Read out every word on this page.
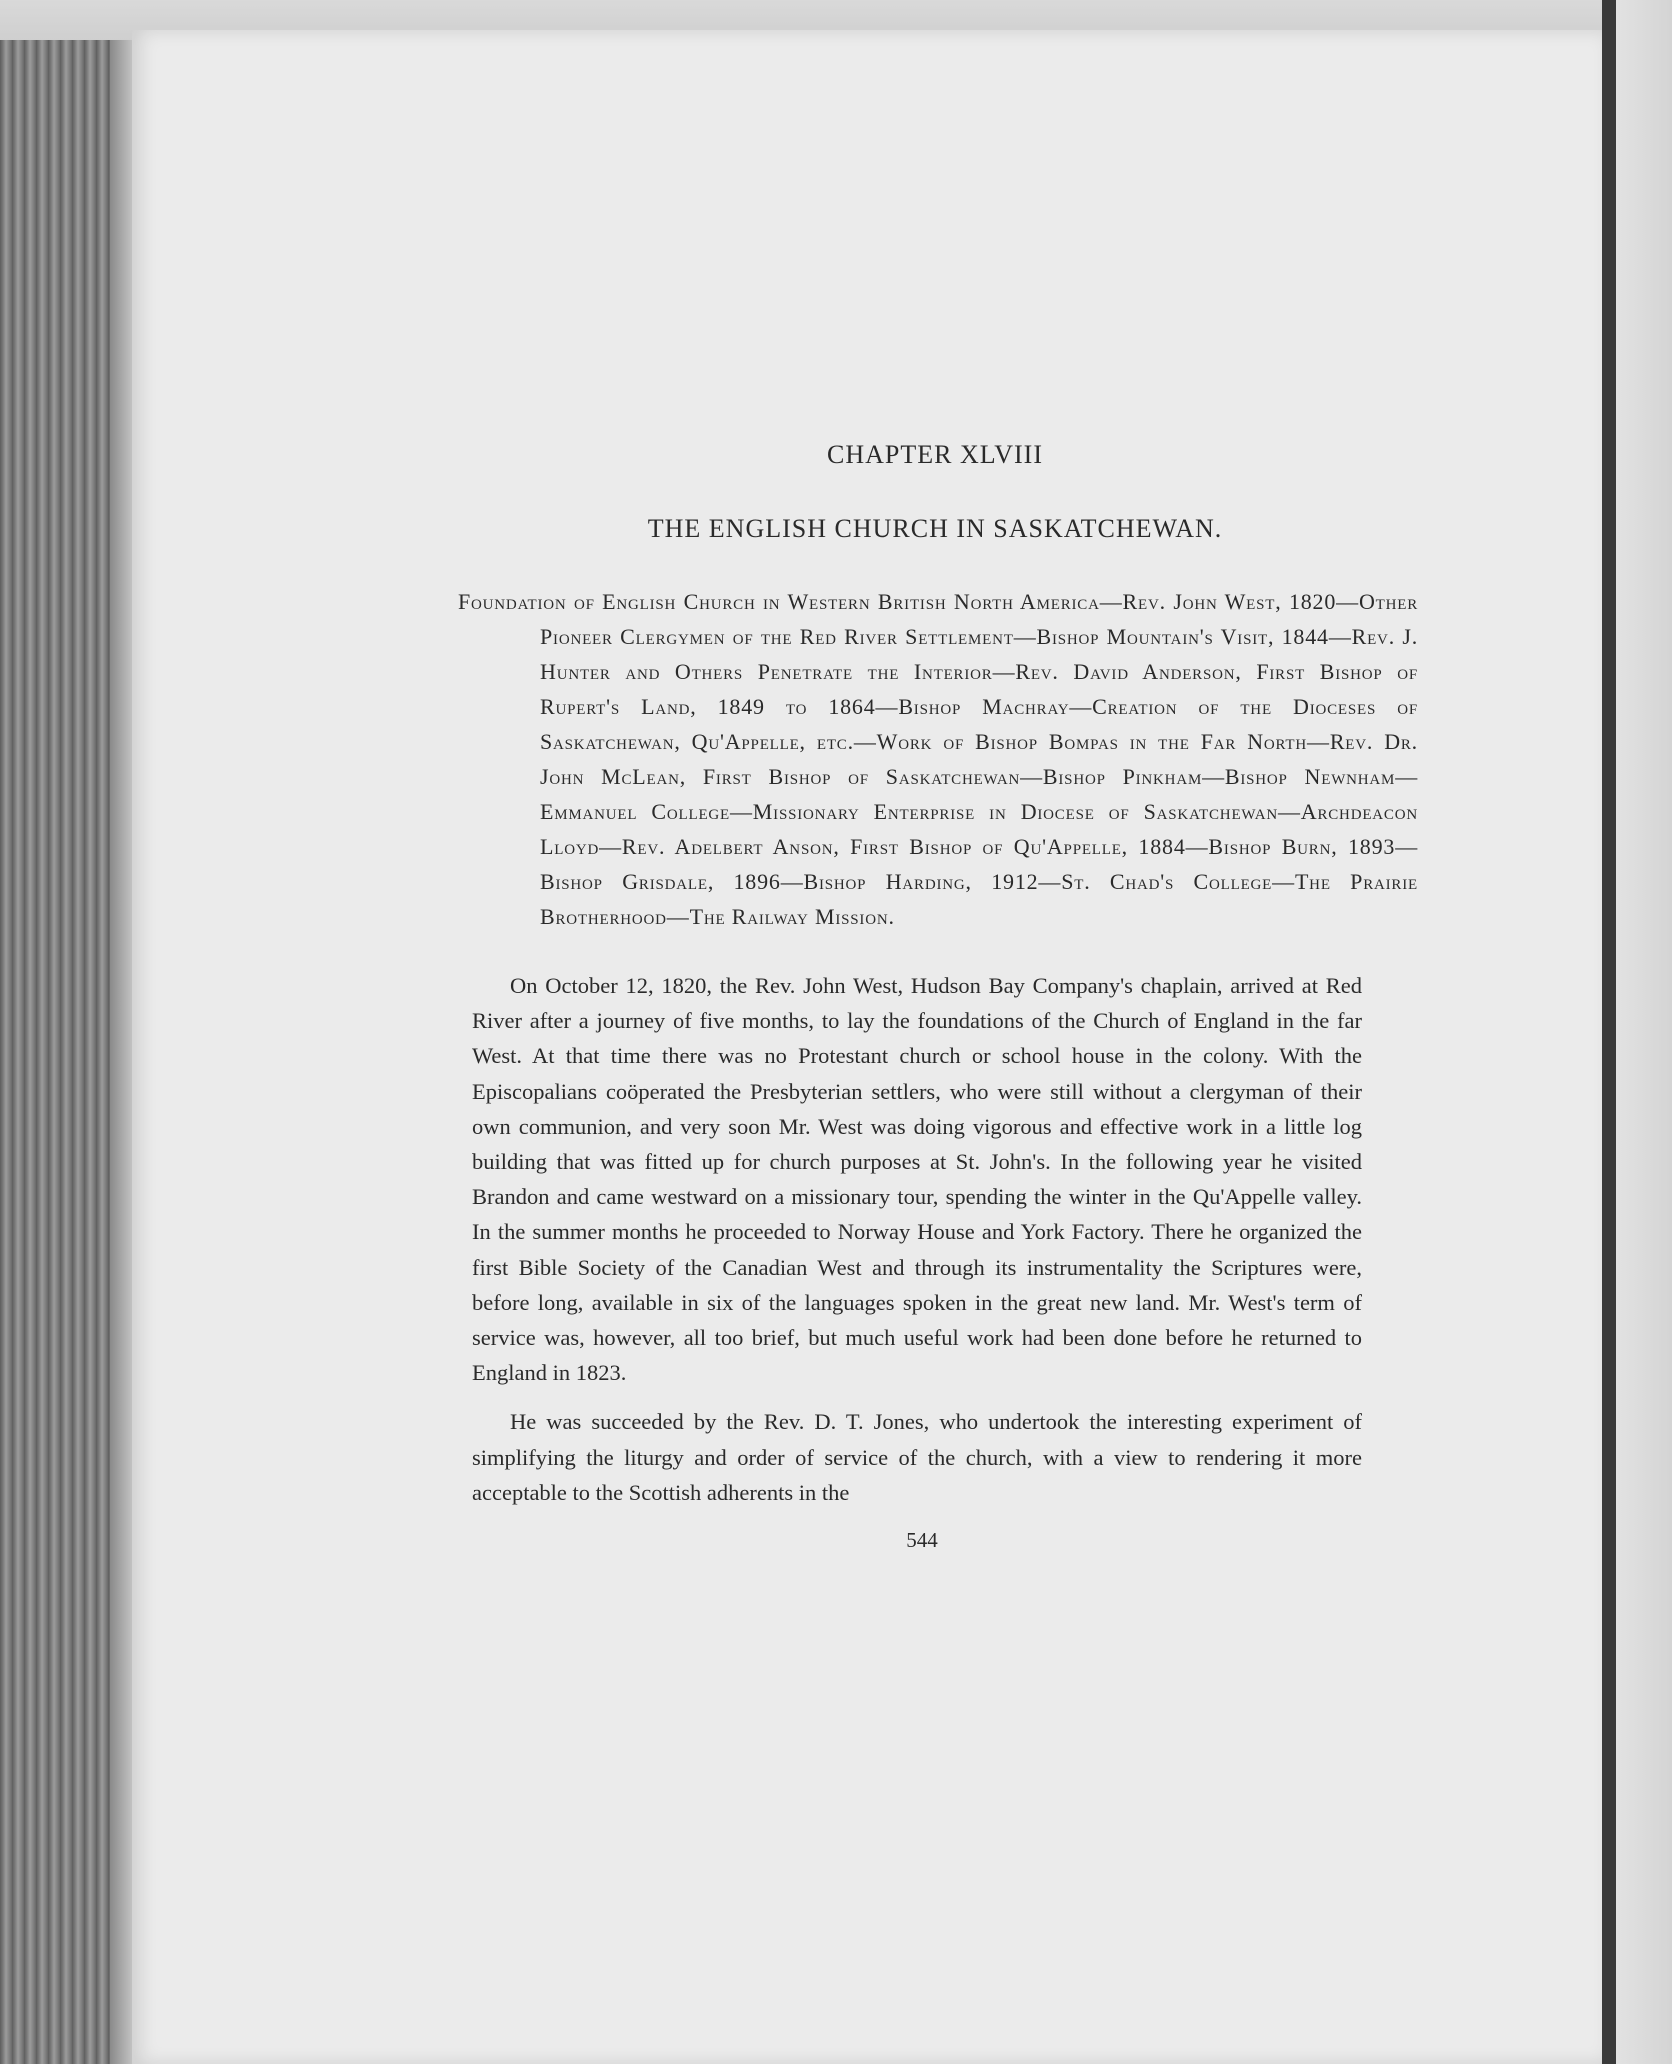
CHAPTER XLVIII
THE ENGLISH CHURCH IN SASKATCHEWAN.
Foundation of English Church in Western British North America—Rev. John West, 1820—Other Pioneer Clergymen of the Red River Settlement—Bishop Mountain's Visit, 1844—Rev. J. Hunter and Others Penetrate the Interior—Rev. David Anderson, First Bishop of Rupert's Land, 1849 to 1864—Bishop Machray—Creation of the Dioceses of Saskatchewan, Qu'Appelle, etc.—Work of Bishop Bompas in the Far North—Rev. Dr. John McLean, First Bishop of Saskatchewan—Bishop Pinkham—Bishop Newnham—Emmanuel College—Missionary Enterprise in Diocese of Saskatchewan—Archdeacon Lloyd—Rev. Adelbert Anson, First Bishop of Qu'Appelle, 1884—Bishop Burn, 1893—Bishop Grisdale, 1896—Bishop Harding, 1912—St. Chad's College—The Prairie Brotherhood—The Railway Mission.

On October 12, 1820, the Rev. John West, Hudson Bay Company's chaplain, arrived at Red River after a journey of five months, to lay the foundations of the Church of England in the far West. At that time there was no Protestant church or school house in the colony. With the Episcopalians coöperated the Presbyterian settlers, who were still without a clergyman of their own communion, and very soon Mr. West was doing vigorous and effective work in a little log building that was fitted up for church purposes at St. John's. In the following year he visited Brandon and came westward on a missionary tour, spending the winter in the Qu'Appelle valley. In the summer months he proceeded to Norway House and York Factory. There he organized the first Bible Society of the Canadian West and through its instrumentality the Scriptures were, before long, available in six of the languages spoken in the great new land. Mr. West's term of service was, however, all too brief, but much useful work had been done before he returned to England in 1823.

He was succeeded by the Rev. D. T. Jones, who undertook the interesting experiment of simplifying the liturgy and order of service of the church, with a view to rendering it more acceptable to the Scottish adherents in the

544
